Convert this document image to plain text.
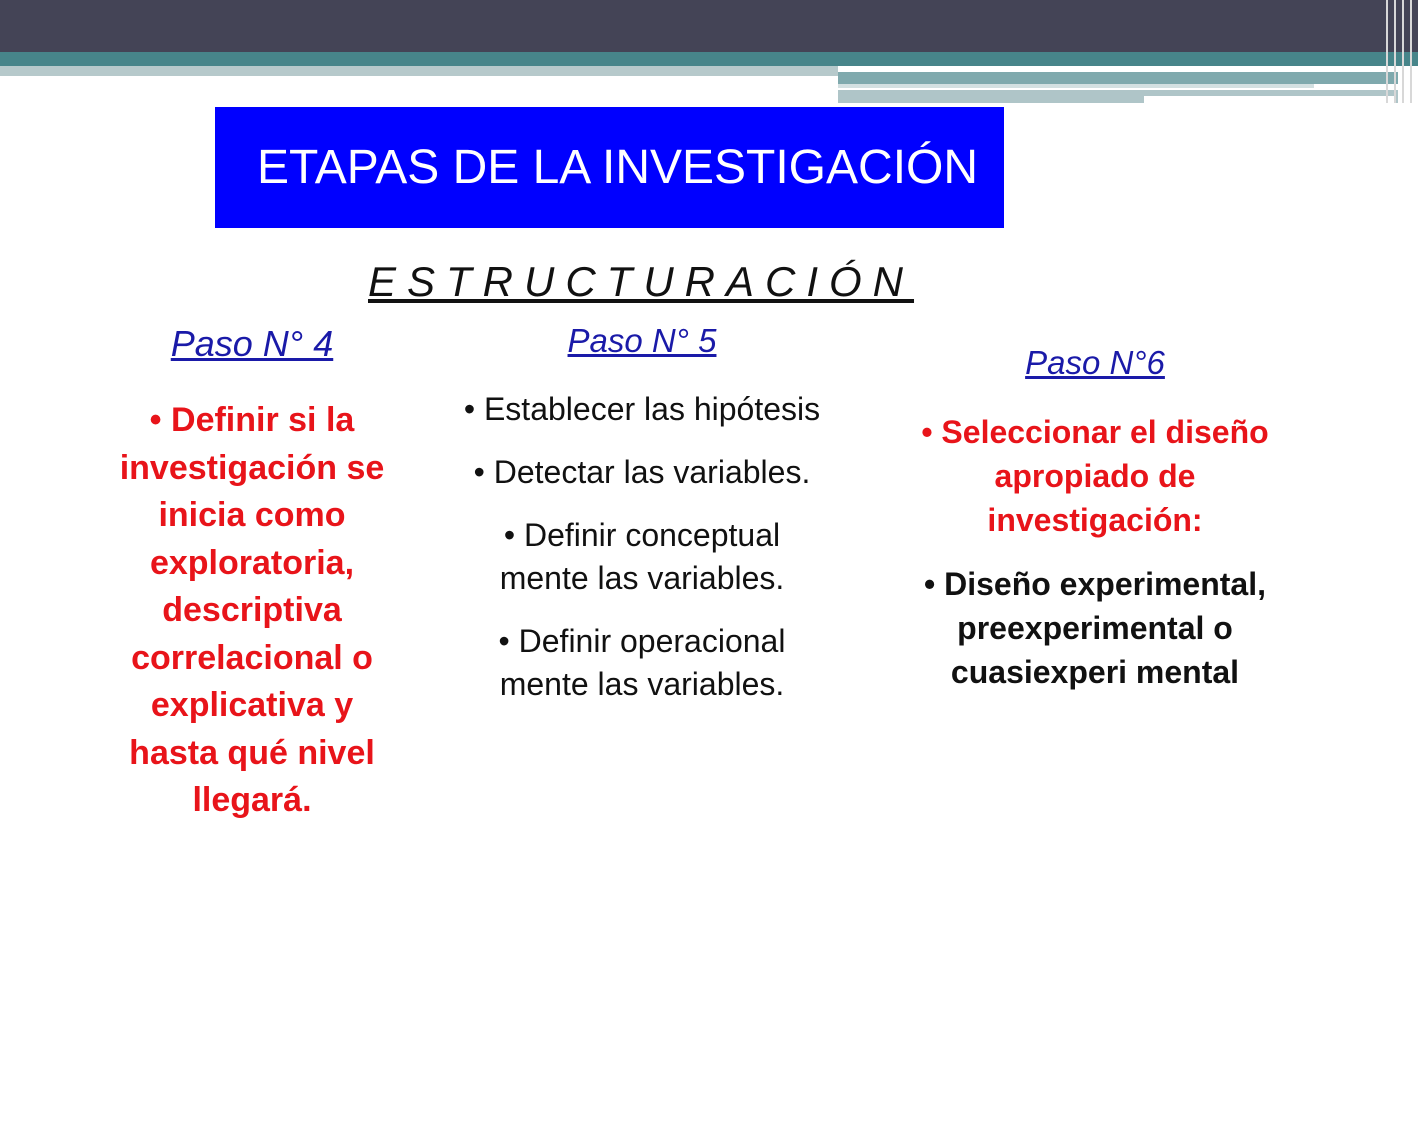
ETAPAS DE LA INVESTIGACIÓN
ESTRUCTURACIÓN
Paso N° 4
• Definir si la investigación se inicia como exploratoria, descriptiva correlacional o explicativa y hasta qué nivel llegará.
Paso N° 5
• Establecer las hipótesis
• Detectar las variables.
• Definir conceptual mente las variables.
• Definir operacional mente las variables.
Paso N°6
• Seleccionar el diseño apropiado de investigación:
• Diseño experimental, preexperimental o cuasiexperi mental
